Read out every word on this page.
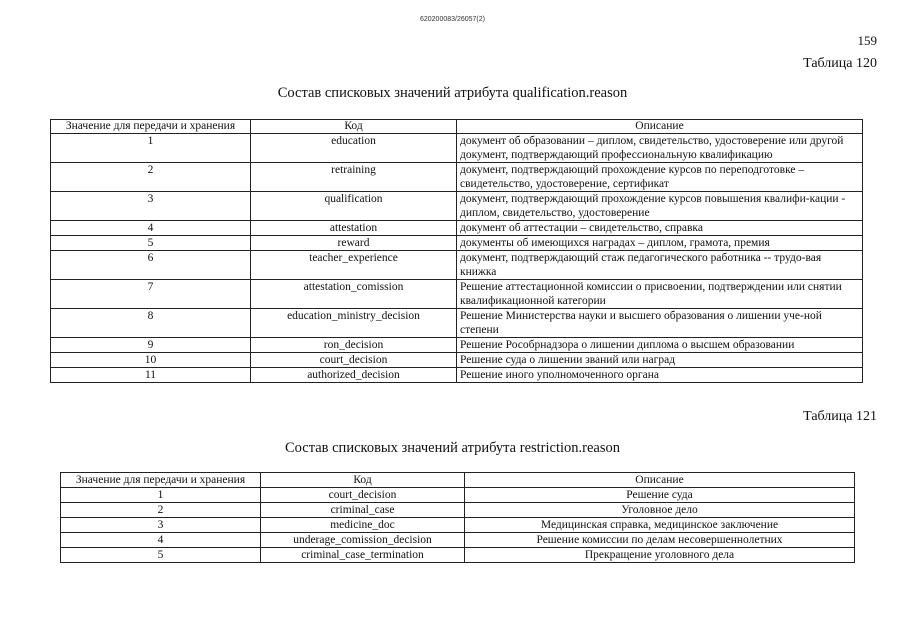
620200083/26057(2)
159
Таблица 120
Состав списковых значений атрибута qualification.reason
Значение для передачи и хранения	Код	Описание
1	education	документ об образовании – диплом, свидетельство, удостоверение или другой документ, подтверждающий профессиональную квалификацию
2	retraining	документ, подтверждающий прохождение курсов по переподготовке – свидетельство, удостоверение, сертификат
3	qualification	документ, подтверждающий прохождение курсов повышения квалифи-кации - диплом, свидетельство, удостоверение
4	attestation	документ об аттестации – свидетельство, справка
5	reward	документы об имеющихся наградах – диплом, грамота, премия
6	teacher_experience	документ, подтверждающий стаж педагогического работника -- трудо-вая книжка
7	attestation_comission	Решение аттестационной комиссии о присвоении, подтверждении или снятии квалификационной категории
8	education_ministry_decision	Решение Министерства науки и высшего образования о лишении уче-ной степени
9	ron_decision	Решение Рособрнадзора о лишении диплома о высшем образовании
10	court_decision	Решение суда о лишении званий или наград
11	authorized_decision	Решение иного уполномоченного органа
Таблица 121
Состав списковых значений атрибута restriction.reason
Значение для передачи и хранения	Код	Описание
1	court_decision	Решение суда
2	criminal_case	Уголовное дело
3	medicine_doc	Медицинская справка, медицинское заключение
4	underage_comission_decision	Решение комиссии по делам несовершеннолетних
5	criminal_case_termination	Прекращение уголовного дела
